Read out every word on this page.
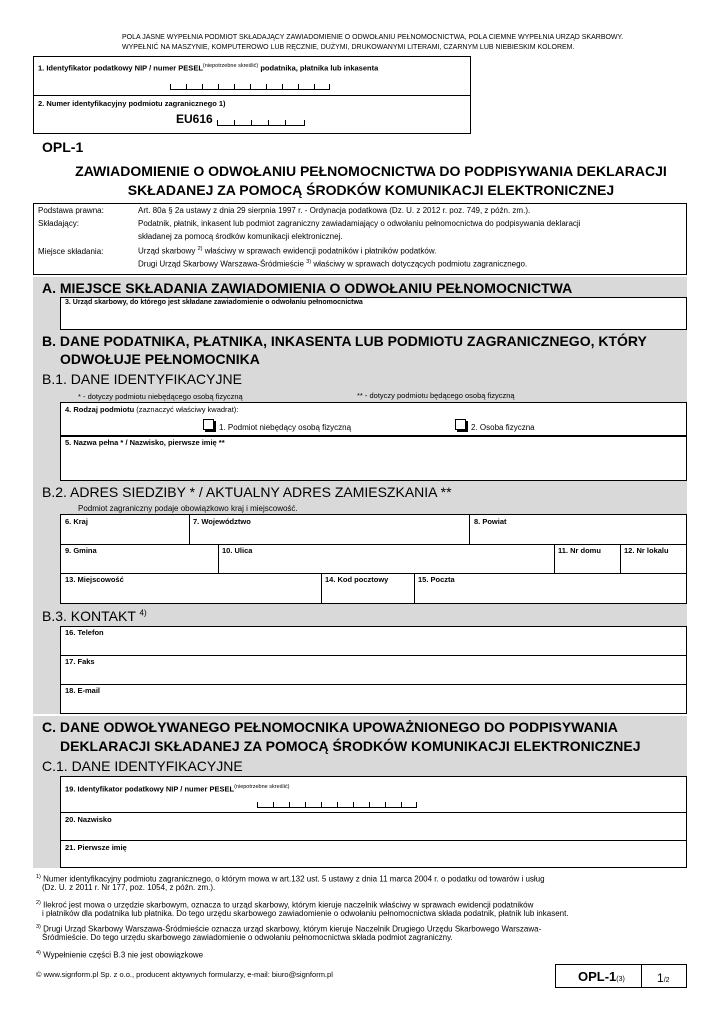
POLA JASNE WYPEŁNIA PODMIOT SKŁADAJĄCY ZAWIADOMIENIE O ODWOŁANIU PEŁNOMOCNICTWA, POLA CIEMNE WYPEŁNIA URZĄD SKARBOWY.
WYPEŁNIĆ NA MASZYNIE, KOMPUTEROWO LUB RĘCZNIE, DUŻYMI, DRUKOWANYMI LITERAMI, CZARNYM LUB NIEBIESKIM KOLOREM.
1. Identyfikator podatkowy NIP / numer $PESEL^{(niepotrzebne skreślić)}$ podatnika, płatnika lub inkasenta
2. Numer identyfikacyjny podmiotu zagranicznego 1)
EU616
OPL-1
ZAWIADOMIENIE O ODWOŁANIU PEŁNOMOCNICTWA DO PODPISYWANIA DEKLARACJI
SKŁADANEJ ZA POMOCĄ ŚRODKÓW KOMUNIKACJI ELEKTRONICZNEJ
Podstawa prawna:	Art. 80a § 2a ustawy z dnia 29 sierpnia 1997 r. - Ordynacja podatkowa (Dz. U. z 2012 r. poz. 749, z późn. zm.).
Składający:	Podatnik, płatnik, inkasent lub podmiot zagraniczny zawiadamiający o odwołaniu pełnomocnictwa do podpisywania deklaracji
składanej za pomocą środków komunikacji elektronicznej.
Miejsce składania:	Urząd skarbowy $^{2)}$ właściwy w sprawach ewidencji podatników i płatników podatków.
Drugi Urząd Skarbowy Warszawa-Śródmieście $^{3)}$ właściwy w sprawach dotyczących podmiotu zagranicznego.
A. MIEJSCE SKŁADANIA ZAWIADOMIENIA O ODWOŁANIU PEŁNOMOCNICTWA
3. Urząd skarbowy, do którego jest składane zawiadomienie o odwołaniu pełnomocnictwa
B. DANE PODATNIKA, PŁATNIKA, INKASENTA LUB PODMIOTU ZAGRANICZNEGO, KTÓRY
ODWOŁUJE PEŁNOMOCNIKA
B.1. DANE IDENTYFIKACYJNE
* - dotyczy podmiotu niebędącego osobą fizyczną	** - dotyczy podmiotu będącego osobą fizyczną
4. Rodzaj podmiotu (zaznaczyć właściwy kwadrat):
1. Podmiot niebędący osobą fizyczną	2. Osoba fizyczna
5. Nazwa pełna * / Nazwisko, pierwsze imię **
B.2. ADRES SIEDZIBY * / AKTUALNY ADRES ZAMIESZKANIA **
Podmiot zagraniczny podaje obowiązkowo kraj i miejscowość.
6. Kraj	7. Województwo	8. Powiat
9. Gmina	10. Ulica	11. Nr domu	12. Nr lokalu
13. Miejscowość	14. Kod pocztowy	15. Poczta
B.3. KONTAKT $^{4)}$
16. Telefon
17. Faks
18. E-mail
C. DANE ODWOŁYWANEGO PEŁNOMOCNIKA UPOWAŻNIONEGO DO PODPISYWANIA
DEKLARACJI SKŁADANEJ ZA POMOCĄ ŚRODKÓW KOMUNIKACJI ELEKTRONICZNEJ
C.1. DANE IDENTYFIKACYJNE
19. Identyfikator podatkowy NIP / numer $PESEL^{(niepotrzebne skreślić)}$
20. Nazwisko
21. Pierwsze imię
$^{1)}$ Numer identyfikacyjny podmiotu zagranicznego, o którym mowa w art.132 ust. 5 ustawy z dnia 11 marca 2004 r. o podatku od towarów i usług
(Dz. U. z 2011 r. Nr 177, poz. 1054, z późn. zm.).
$^{2)}$ Ilekroć jest mowa o urzędzie skarbowym, oznacza to urząd skarbowy, którym kieruje naczelnik właściwy w sprawach ewidencji podatników
i płatników dla podatnika lub płatnika. Do tego urzędu skarbowego zawiadomienie o odwołaniu pełnomocnictwa składa podatnik, płatnik lub inkasent.
$^{3)}$ Drugi Urząd Skarbowy Warszawa-Śródmieście oznacza urząd skarbowy, którym kieruje Naczelnik Drugiego Urzędu Skarbowego Warszawa-
Śródmieście. Do tego urzędu skarbowego zawiadomienie o odwołaniu pełnomocnictwa składa podmiot zagraniczny.
$^{4)}$ Wypełnienie części B.3 nie jest obowiązkowe
© www.signform.pl Sp. z o.o., producent aktywnych formularzy, e-mail: biuro@signform.pl	OPL-1(3)	1/2
